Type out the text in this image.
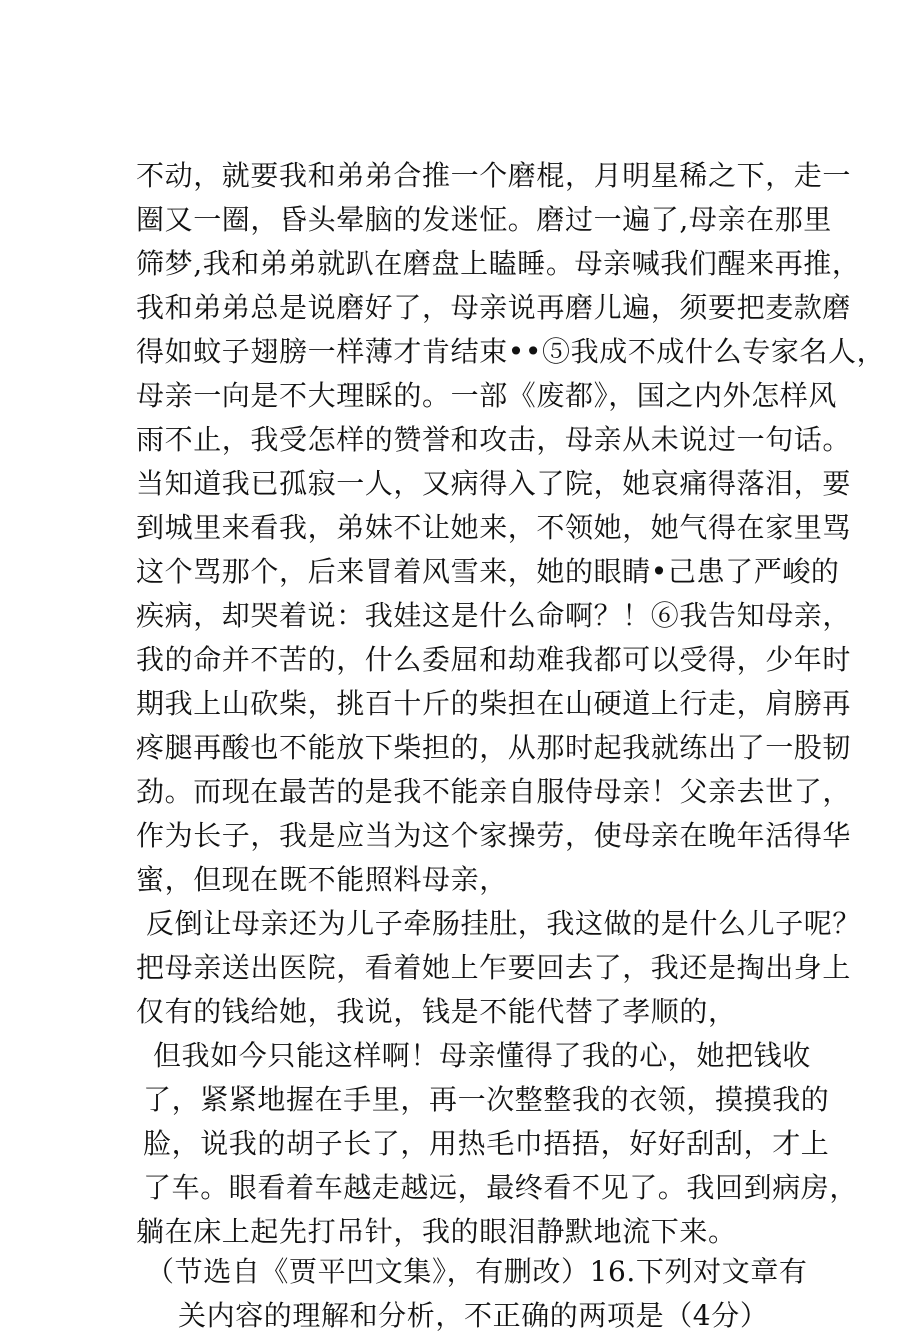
不动，就要我和弟弟合推一个磨棍，月明星稀之下，走一
圈又一圈，昏头晕脑的发迷怔。磨过一遍了,母亲在那里
筛梦,我和弟弟就趴在磨盘上瞌睡。母亲喊我们醒来再推，
我和弟弟总是说磨好了，母亲说再磨儿遍，须要把麦款磨
得如蚊子翅膀一样薄才肯结束••⑤我成不成什么专家名人，
母亲一向是不大理睬的。一部《废都》，国之内外怎样风
雨不止，我受怎样的赞誉和攻击，母亲从未说过一句话。
当知道我已孤寂一人，又病得入了院，她哀痛得落泪，要
到城里来看我，弟妹不让她来，不领她，她气得在家里骂
这个骂那个，后来冒着风雪来，她的眼睛•己患了严峻的
疾病，却哭着说：我娃这是什么命啊？！⑥我告知母亲，
我的命并不苦的，什么委屈和劫难我都可以受得，少年时
期我上山砍柴，挑百十斤的柴担在山硬道上行走，肩膀再
疼腿再酸也不能放下柴担的，从那时起我就练出了一股韧
劲。而现在最苦的是我不能亲自服侍母亲！父亲去世了，
作为长子，我是应当为这个家操劳，使母亲在晚年活得华
蜜，但现在既不能照料母亲，
反倒让母亲还为儿子牵肠挂肚，我这做的是什么儿子呢？
把母亲送出医院，看着她上乍要回去了，我还是掏出身上
仅有的钱给她，我说，钱是不能代替了孝顺的，
但我如今只能这样啊！母亲懂得了我的心，她把钱收
了，紧紧地握在手里，再一次整整我的衣领，摸摸我的
脸，说我的胡子长了，用热毛巾捂捂，好好刮刮，才上
了车。眼看着车越走越远，最终看不见了。我回到病房，
躺在床上起先打吊针，我的眼泪静默地流下来。
（节选自《贾平凹文集》，有删改）16.下列对文章有
关内容的理解和分析，不正确的两项是（4分）
